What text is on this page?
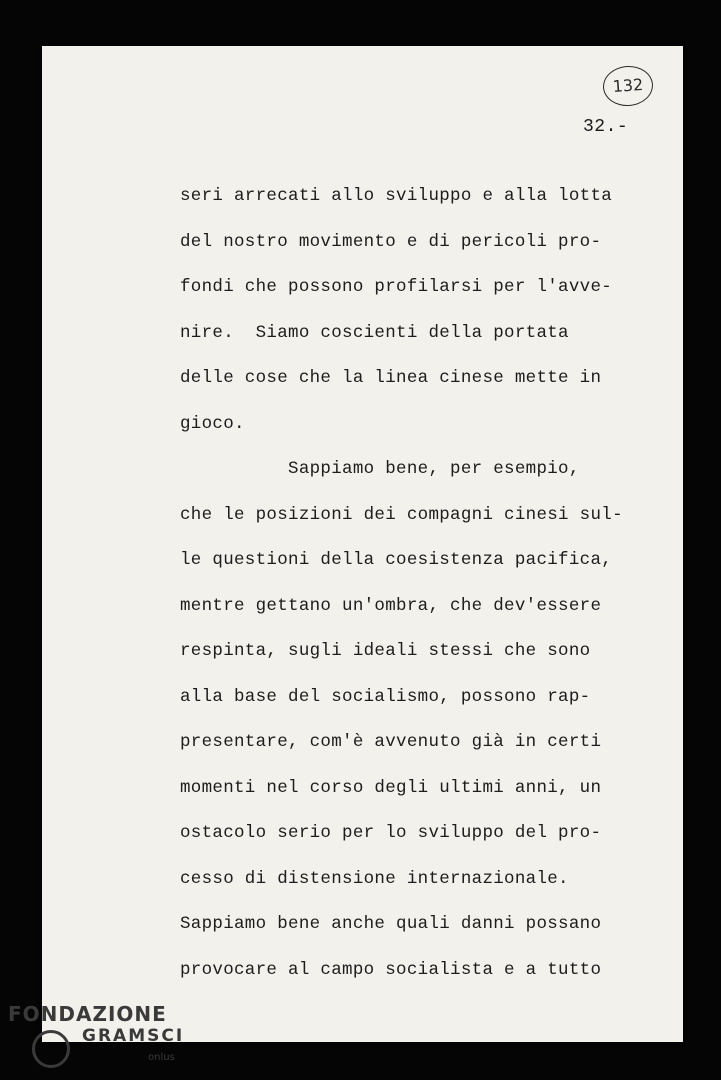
132
32.-
seri arrecati allo sviluppo e alla lotta
del nostro movimento e di pericoli pro-
fondi che possono profilarsi per l'avve-
nire.  Siamo coscienti della portata
delle cose che la linea cinese mette in
gioco.
Sappiamo bene, per esempio,
che le posizioni dei compagni cinesi sul-
le questioni della coesistenza pacifica,
mentre gettano un'ombra, che dev'essere
respinta, sugli ideali stessi che sono
alla base del socialismo, possono rap-
presentare, com'è avvenuto già in certi
momenti nel corso degli ultimi anni, un
ostacolo serio per lo sviluppo del pro-
cesso di distensione internazionale.
Sappiamo bene anche quali danni possano
provocare al campo socialista e a tutto
FONDAZIONE
GRAMSCI
onlus
